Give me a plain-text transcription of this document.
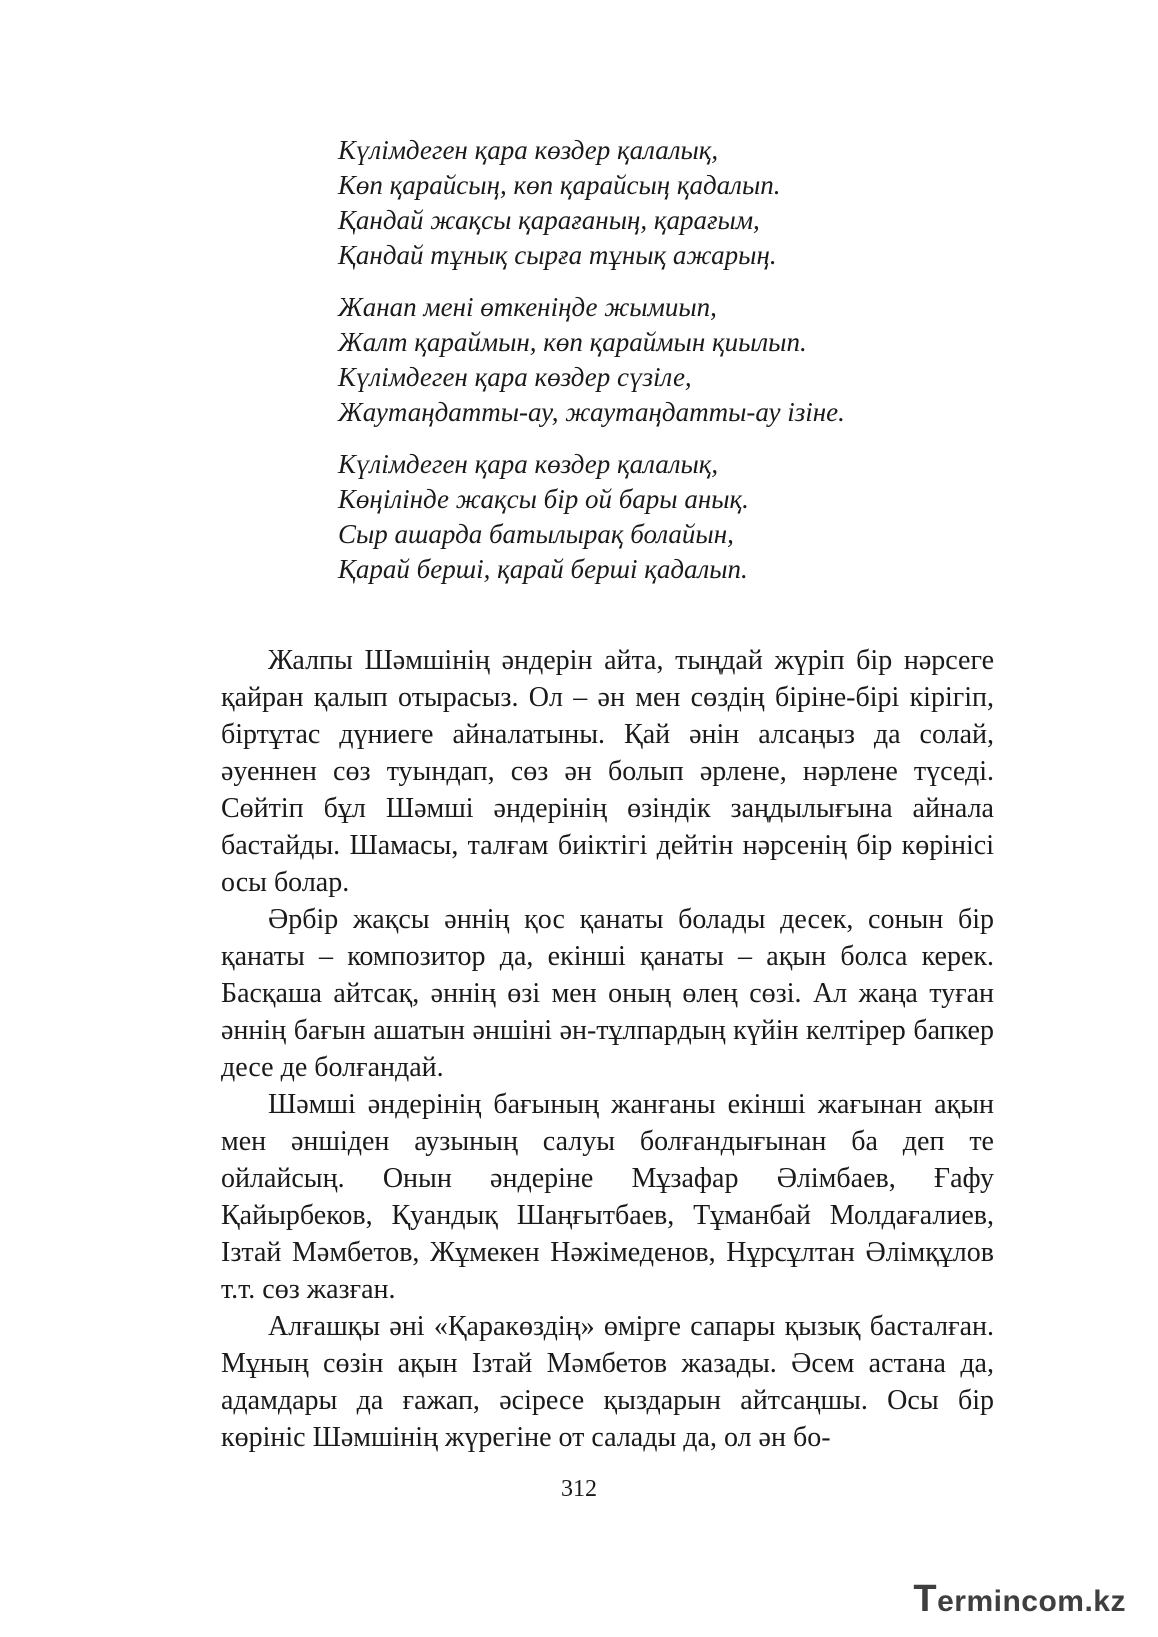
Күлімдеген қара көздер қалалық,
Көп қарайсың, көп қарайсың қадалып.
Қандай жақсы қарағаның, қарағым,
Қандай тұнық сырға тұнық ажарың.
Жанап мені өткеніңде жымиып,
Жалт қараймын, көп қараймын қиылып.
Күлімдеген қара көздер сүзіле,
Жаутаңдатты-ау, жаутаңдатты-ау ізіне.
Күлімдеген қара көздер қалалық,
Көңілінде жақсы бір ой бары анық.
Сыр ашарда батылырақ болайын,
Қарай берші, қарай берші қадалып.

Жалпы Шәмшінің әндерін айта, тыңдай жүріп бір нәрсеге қайран қалып отырасыз. Ол – ән мен сөздің біріне-бірі кірігіп, біртұтас дүниеге айналатыны. Қай әнін алсаңыз да солай, әуеннен сөз туындап, сөз ән болып әрлене, нәрлене түседі. Сөйтіп бұл Шәмші әндерінің өзіндік заңдылығына айнала бастайды. Шамасы, талғам биіктігі дейтін нәрсенің бір көрінісі осы болар.

Әрбір жақсы әннің қос қанаты болады десек, сонын бір қанаты – композитор да, екінші қанаты – ақын болса керек. Басқаша айтсақ, әннің өзі мен оның өлең сөзі. Ал жаңа туған әннің бағын ашатын әншіні ән-тұлпардың күйін келтірер бапкер десе де болғандай.

Шәмші әндерінің бағының жанғаны екінші жағынан ақын мен әншіден аузының салуы болғандығынан ба деп те ойлайсың. Онын әндеріне Мұзафар Әлімбаев, Ғафу Қайырбеков, Қуандық Шаңғытбаев, Тұманбай Молдағалиев, Ізтай Мәмбетов, Жұмекен Нәжімеденов, Нұрсұлтан Әлімқұлов т.т. сөз жазған.

Алғашқы әні «Қаракөздің» өмірге сапары қызық басталған. Мұның сөзін ақын Ізтай Мәмбетов жазады. Әсем астана да, адамдары да ғажап, әсіресе қыздарын айтсаңшы. Осы бір көрініс Шәмшінің жүрегіне от салады да, ол ән бо-

312
Termincom.kz
